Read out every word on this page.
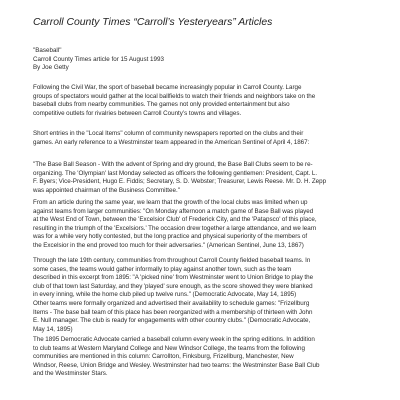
Carroll County Times “Carroll’s Yesteryears” Articles
"Baseball"
Carroll County Times article for 15 August 1993
By Joe Getty

Following the Civil War, the sport of baseball became increasingly popular in Carroll County. Large
groups of spectators would gather at the local ballfields to watch their friends and neighbors take on the
baseball clubs from nearby communities. The games not only provided entertainment but also
competitive outlets for rivalries between Carroll County’s towns and villages.

Short entries in the "Local Items" column of community newspapers reported on the clubs and their
games. An early reference to a Westminster team appeared in the American Sentinel of April 4, 1867:

"The Base Ball Season - With the advent of Spring and dry ground, the Base Ball Clubs seem to be re-
organizing. The 'Olympian' last Monday selected as officers the following gentlemen: President, Capt. L.
F. Byers; Vice-President, Hugo E. Fiddis; Secretary, S. D. Webster; Treasurer, Lewis Reese. Mr. D. H. Zepp
was appointed chairman of the Business Committee."

From an article during the same year, we learn that the growth of the local clubs was limited when up
against teams from larger communities: "On Monday afternoon a match game of Base Ball was played
at the West End of Town, between the 'Excelsior Club' of Frederick City, and the 'Patapsco' of this place,
resulting in the triumph of the 'Excelsiors.' The occasion drew together a large attendance, and we learn
was for a while very hotly contested, but the long practice and physical superiority of the members of
the Excelsior in the end proved too much for their adversaries." (American Sentinel, June 13, 1867)

Through the late 19th century, communities from throughout Carroll County fielded baseball teams. In
some cases, the teams would gather informally to play against another town, such as the team
described in this excerpt from 1895: "A 'picked nine' from Westminster went to Union Bridge to play the
club of that town last Saturday, and they 'played' sure enough, as the score showed they were blanked
in every inning, while the home club piled up twelve runs." (Democratic Advocate, May 14, 1895)
Other teams were formally organized and advertised their availability to schedule games: "Frizellburg
Items - The base ball team of this place has been reorganized with a membership of thirteen with John
E. Null manager. The club is ready for engagements with other country clubs." (Democratic Advocate,
May 14, 1895)

The 1895 Democratic Advocate carried a baseball column every week in the spring editions. In addition
to club teams at Western Maryland College and New Windsor College, the teams from the following
communities are mentioned in this column: Carrollton, Finksburg, Frizellburg, Manchester, New
Windsor, Reese, Union Bridge and Wesley. Westminster had two teams: the Westminster Base Ball Club
and the Westminster Stars.
